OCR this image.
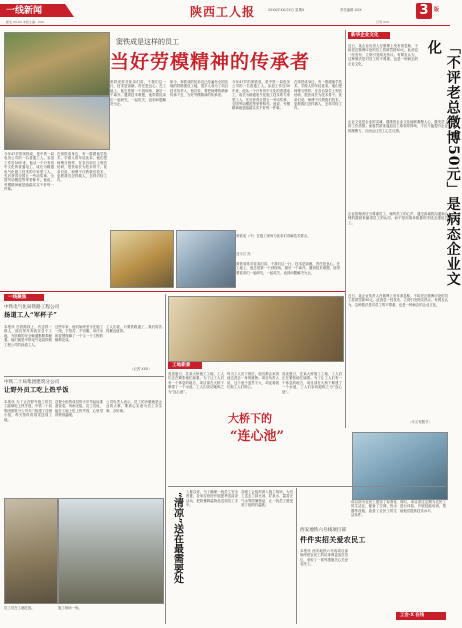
一线新闻	陕西工人报	20XX年XX月X日 星期X	责任编辑 XXX	3	版
邮发 XX-XX 本版主编：XXX	记者 XXX
窦铁成是这样的员工
当好劳模精神的传承者
今年47岁的窦铁成，是中铁一局电务公司的一名普通工人。参加工作近30年来，他从一个只有初中文化的普通电工，成长为精通电气化施工技术的专家型工人，先后获得全国五一劳动奖章、全国劳动模范等荣誉称号。他说，劳模精神就是踏踏实实干好每一件事。
在窦铁成身边，有一群跟他学技术、学做人的年轻徒弟。他们把师傅当榜样，在各自岗位上刻苦钻研，很快成长为技术骨干。徒弟们说，师傅不仅教我们技术，更教我们怎样做人，怎样对待工作。
窦铁成常对徒弟们讲，干我们这一行，技术是饭碗，责任是良心。在工地上，他总是第一个到现场，最后一个离开。遇到技术难题，他带着徒弟们一起研究，一起攻关，直到问题解决为止。
如今，窦铁成的徒弟们已经遍布全国各地的铁路建设工地，很多人成为了项目技术负责人。他们说，要把师傅的精神传承下去，当好劳模精神的传承者。
今年47岁的窦铁成，是中铁一局电务公司的一名普通工人。参加工作近30年来，他从一个只有初中文化的普通电工，成长为精通电气化施工技术的专家型工人，先后获得全国五一劳动奖章、全国劳动模范等荣誉称号。他说，劳模精神就是踏踏实实干好每一件事。
在窦铁成身边，有一群跟他学技术、学做人的年轻徒弟。他们把师傅当榜样，在各自岗位上刻苦钻研，很快成长为技术骨干。徒弟们说，师傅不仅教我们技术，更教我们怎样做人，怎样对待工作。
窦铁成（中）在施工现场为徒弟们讲解技术要点。
通讯员 摄
窦铁成常对徒弟们讲，干我们这一行，技术是饭碗，责任是良心。在工地上，他总是第一个到现场，最后一个离开。遇到技术难题，他带着徒弟们一起研究，一起攻关，直到问题解决为止。
新华企业文化
「不评老总微博50元」是病态企业文化
近日，某企业负责人在微博上发布消息称，不给老总微博评论的员工将被罚款50元。此消息一经发布，立即引发网友热议。有网友认为，这种做法是对员工的不尊重，也是一种病态的企业文化。
企业文化是企业的灵魂，健康的企业文化能够凝聚人心，激发员工的工作热情。而靠罚款来逼迫员工给领导捧场，不仅不能提升企业的凝聚力，反而会让员工心生反感。
企业管理者应当尊重员工，倾听员工的心声，通过真诚的沟通和合理的激励来赢得员工的认同，而不是用简单粗暴的手段去强迫员工。
近日，某企业负责人在微博上发布消息称，不给老总微博评论的员工将被罚款50元。此消息一经发布，立即引发网友热议。有网友认为，这种做法是对员工的不尊重，也是一种病态的企业文化。
（本文有删节）
一线聚焦
中铁电气化局铁路工程公司
扬道工人“军杯子”
本报讯 在铁路线上，有这样一群人，他们常年奔波在各个工地，为铁路的安全畅通默默奉献着。他们就是中铁电气化局铁路工程公司的扬道工人。
这些年来，他们始终坚守在施工一线，不怕苦，不怕累，用汗水和智慧保障了一个又一个工程的顺利完成。
工人们说，只要铁路通了，我们再苦再累也值得。
（记者 XXX）
中铁二十局集团建筑分公司
让野外员工吃上热乎饭
本报讯 为了让在野外施工的员工能够吃上热乎饭，中铁二十局集团建筑分公司专门组建了送餐小组，每天按时将饭菜送到工地。
送餐小组的成员每天早早起床准备饭菜，风雨无阻。员工们说，能在工地上吃上热乎饭，心里觉得特别温暖。
公司负责人表示，员工的冷暖就是企业的大事，要真心实意为员工办实事、办好事。
员工们在工地吃饭。	施工现场一角。
工地新景
炎炎夏日，在某大桥施工工地，工人们正在紧张地忙碌着。为了让工人们有一个休息的地方，项目部在大桥下修建了一个水池，工人们亲切地称之为“连心池”。
每当工人们下班后，他们都会来到池边洗去一身的疲惫。项目负责人说，这个池子虽然不大，却连着我们和工人们的心。
大桥下的
“连心池”
炎炎夏日，在某大桥施工工地，工人们正在紧张地忙碌着。为了让工人们有一个休息的地方，项目部在大桥下修建了一个水池，工人们亲切地称之为“连心池”。
“清凉”送在最需要处 入夏以来，为了确保一线员工安全度夏，各单位纷纷开展夏季送清凉活动，把防暑降温物品送到员工手中。
各级工会组织深入施工现场，为员工送去了绿豆汤、矿泉水、藿香正气水等防暑物品，让一线员工感受到了组织的温暖。
西安地铁六号线项目部
件件实招关爱农民工
本报讯 西安地铁六号线项目部始终把农民工的切身利益放在首位，采取了一系列措施关心关爱农民工。
项目部为农民工建设了标准化的生活区，配备了空调、热水器等设施，改善了农民工的生活条件。
同时，项目部还定期为农民工进行体检，开展技能培训，帮助他们提高技术水平。
工会·X 在线
